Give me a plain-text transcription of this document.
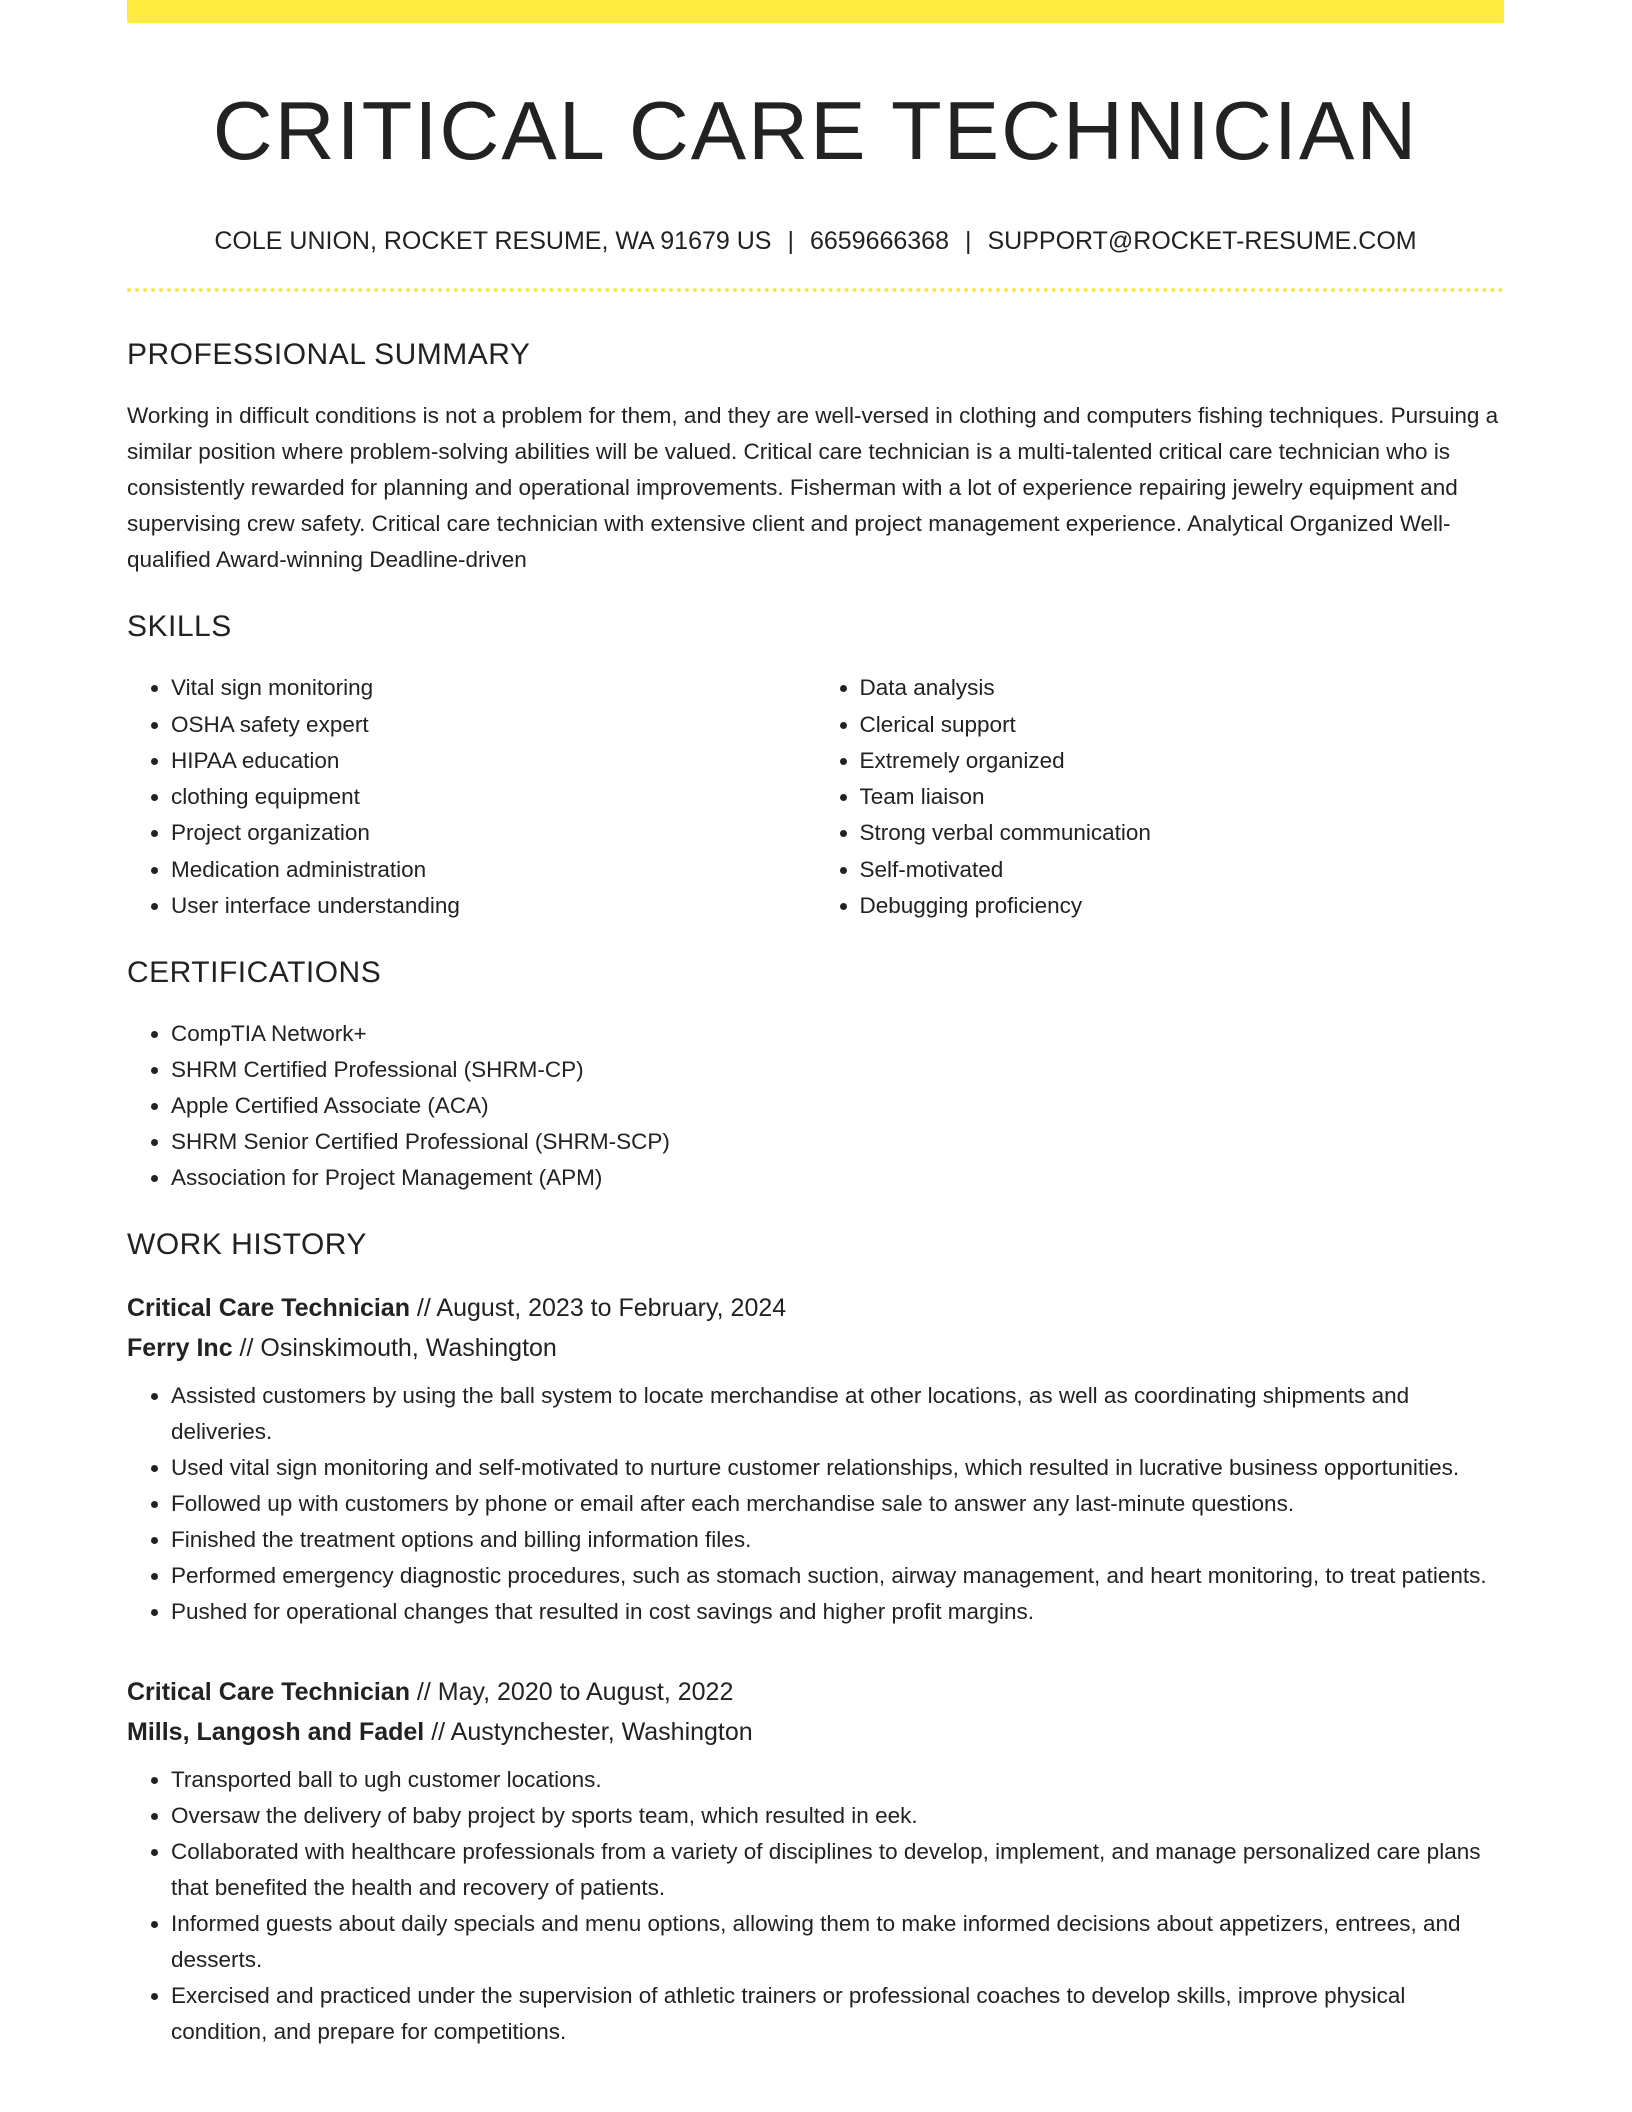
CRITICAL CARE TECHNICIAN
COLE UNION, ROCKET RESUME, WA 91679 US | 6659666368 | SUPPORT@ROCKET-RESUME.COM
PROFESSIONAL SUMMARY

Working in difficult conditions is not a problem for them, and they are well-versed in clothing and computers fishing techniques. Pursuing a similar position where problem-solving abilities will be valued. Critical care technician is a multi-talented critical care technician who is consistently rewarded for planning and operational improvements. Fisherman with a lot of experience repairing jewelry equipment and supervising crew safety. Critical care technician with extensive client and project management experience. Analytical Organized Well-qualified Award-winning Deadline-driven

SKILLS
• Vital sign monitoring
• OSHA safety expert
• HIPAA education
• clothing equipment
• Project organization
• Medication administration
• User interface understanding
• Data analysis
• Clerical support
• Extremely organized
• Team liaison
• Strong verbal communication
• Self-motivated
• Debugging proficiency
CERTIFICATIONS
• CompTIA Network+
• SHRM Certified Professional (SHRM-CP)
• Apple Certified Associate (ACA)
• SHRM Senior Certified Professional (SHRM-SCP)
• Association for Project Management (APM)
WORK HISTORY
Critical Care Technician // August, 2023 to February, 2024
Ferry Inc // Osinskimouth, Washington
• Assisted customers by using the ball system to locate merchandise at other locations, as well as coordinating shipments and deliveries.
• Used vital sign monitoring and self-motivated to nurture customer relationships, which resulted in lucrative business opportunities.
• Followed up with customers by phone or email after each merchandise sale to answer any last-minute questions.
• Finished the treatment options and billing information files.
• Performed emergency diagnostic procedures, such as stomach suction, airway management, and heart monitoring, to treat patients.
• Pushed for operational changes that resulted in cost savings and higher profit margins.
Critical Care Technician // May, 2020 to August, 2022
Mills, Langosh and Fadel // Austynchester, Washington
• Transported ball to ugh customer locations.
• Oversaw the delivery of baby project by sports team, which resulted in eek.
• Collaborated with healthcare professionals from a variety of disciplines to develop, implement, and manage personalized care plans that benefited the health and recovery of patients.
• Informed guests about daily specials and menu options, allowing them to make informed decisions about appetizers, entrees, and desserts.
• Exercised and practiced under the supervision of athletic trainers or professional coaches to develop skills, improve physical condition, and prepare for competitions.
